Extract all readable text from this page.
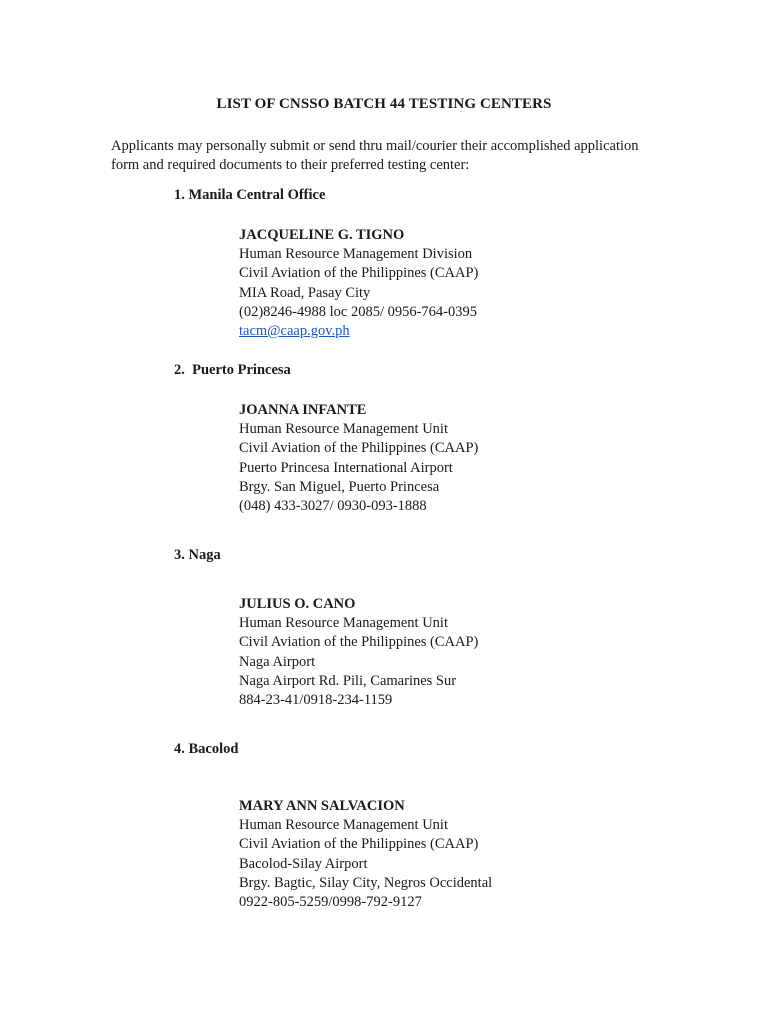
LIST OF CNSSO BATCH 44 TESTING CENTERS
Applicants may personally submit or send thru mail/courier their accomplished application
form and required documents to their preferred testing center:
1. Manila Central Office
JACQUELINE G. TIGNO
Human Resource Management Division
Civil Aviation of the Philippines (CAAP)
MIA Road, Pasay City
(02)8246-4988 loc 2085/ 0956-764-0395
tacm@caap.gov.ph
2. Puerto Princesa
JOANNA INFANTE
Human Resource Management Unit
Civil Aviation of the Philippines (CAAP)
Puerto Princesa International Airport
Brgy. San Miguel, Puerto Princesa
(048) 433-3027/ 0930-093-1888
3. Naga
JULIUS O. CANO
Human Resource Management Unit
Civil Aviation of the Philippines (CAAP)
Naga Airport
Naga Airport Rd. Pili, Camarines Sur
884-23-41/0918-234-1159
4. Bacolod
MARY ANN SALVACION
Human Resource Management Unit
Civil Aviation of the Philippines (CAAP)
Bacolod-Silay Airport
Brgy. Bagtic, Silay City, Negros Occidental
0922-805-5259/0998-792-9127
